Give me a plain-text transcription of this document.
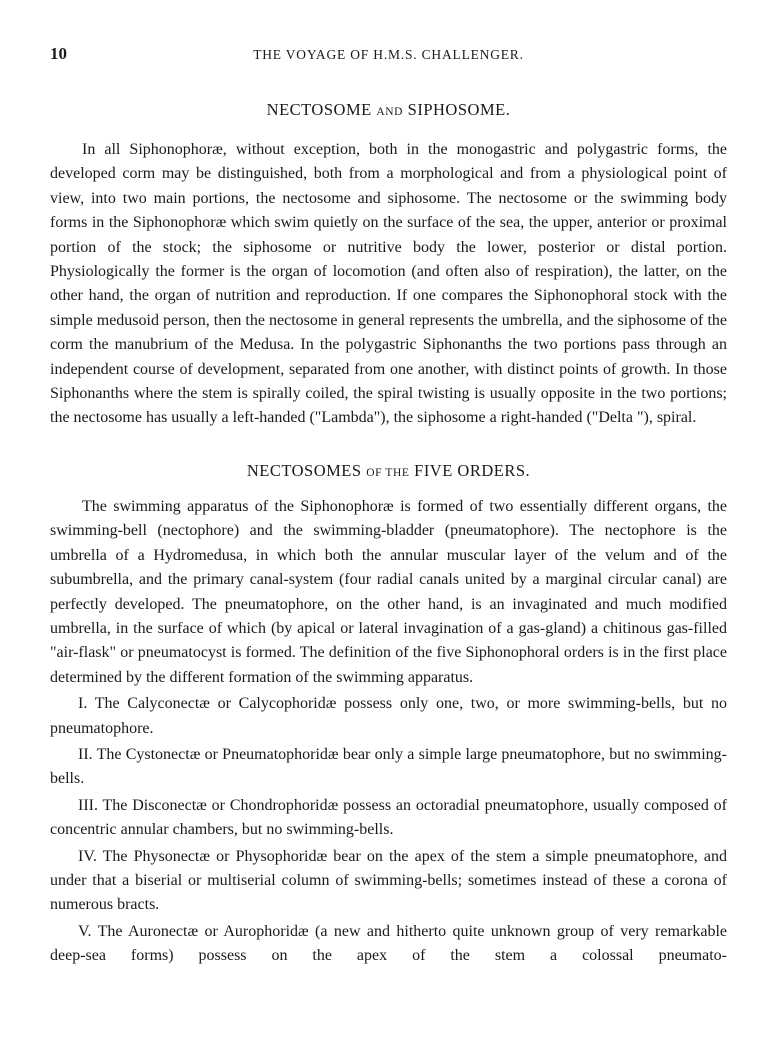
10	THE VOYAGE OF H.M.S. CHALLENGER.
NECTOSOME AND SIPHOSOME.

In all Siphonophoræ, without exception, both in the monogastric and polygastric forms, the developed corm may be distinguished, both from a morphological and from a physiological point of view, into two main portions, the nectosome and siphosome. The nectosome or the swimming body forms in the Siphonophoræ which swim quietly on the surface of the sea, the upper, anterior or proximal portion of the stock; the siphosome or nutritive body the lower, posterior or distal portion. Physiologically the former is the organ of locomotion (and often also of respiration), the latter, on the other hand, the organ of nutrition and reproduction. If one compares the Siphonophoral stock with the simple medusoid person, then the nectosome in general represents the umbrella, and the siphosome of the corm the manubrium of the Medusa. In the polygastric Siphonanths the two portions pass through an independent course of development, separated from one another, with distinct points of growth. In those Siphonanths where the stem is spirally coiled, the spiral twisting is usually opposite in the two portions; the nectosome has usually a left-handed ("Lambda"), the siphosome a right-handed ("Delta "), spiral.

NECTOSOMES OF THE FIVE ORDERS.

The swimming apparatus of the Siphonophoræ is formed of two essentially different organs, the swimming-bell (nectophore) and the swimming-bladder (pneumatophore). The nectophore is the umbrella of a Hydromedusa, in which both the annular muscular layer of the velum and of the subumbrella, and the primary canal-system (four radial canals united by a marginal circular canal) are perfectly developed. The pneumatophore, on the other hand, is an invaginated and much modified umbrella, in the surface of which (by apical or lateral invagination of a gas-gland) a chitinous gas-filled "air-flask" or pneumatocyst is formed. The definition of the five Siphonophoral orders is in the first place determined by the different formation of the swimming apparatus.

I. The Calyconectæ or Calycophoridæ possess only one, two, or more swimming-bells, but no pneumatophore.

II. The Cystonectæ or Pneumatophoridæ bear only a simple large pneumatophore, but no swimming-bells.

III. The Disconectæ or Chondrophoridæ possess an octoradial pneumatophore, usually composed of concentric annular chambers, but no swimming-bells.

IV. The Physonectæ or Physophoridæ bear on the apex of the stem a simple pneumatophore, and under that a biserial or multiserial column of swimming-bells; sometimes instead of these a corona of numerous bracts.

V. The Auronectæ or Aurophoridæ (a new and hitherto quite unknown group of very remarkable deep-sea forms) possess on the apex of the stem a colossal pneumato-
